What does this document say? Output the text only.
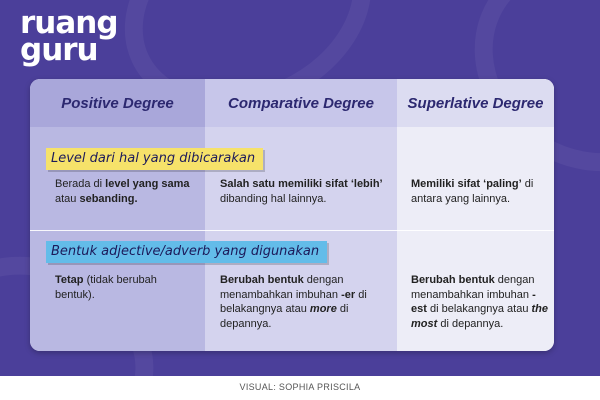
ruang
guru
Positive Degree	Comparative Degree	Superlative Degree
Level dari hal yang dibicarakan
Berada di level yang sama atau sebanding.
Salah satu memiliki sifat ‘lebih’ dibanding hal lainnya.
Memiliki sifat ‘paling’ di antara yang lainnya.
Bentuk adjective/adverb yang digunakan
Tetap (tidak berubah bentuk).
Berubah bentuk dengan menambahkan imbuhan -er di belakangnya atau more di depannya.
Berubah bentuk dengan menambahkan imbuhan -est di belakangnya atau the most di depannya.
VISUAL: SOPHIA PRISCILA
